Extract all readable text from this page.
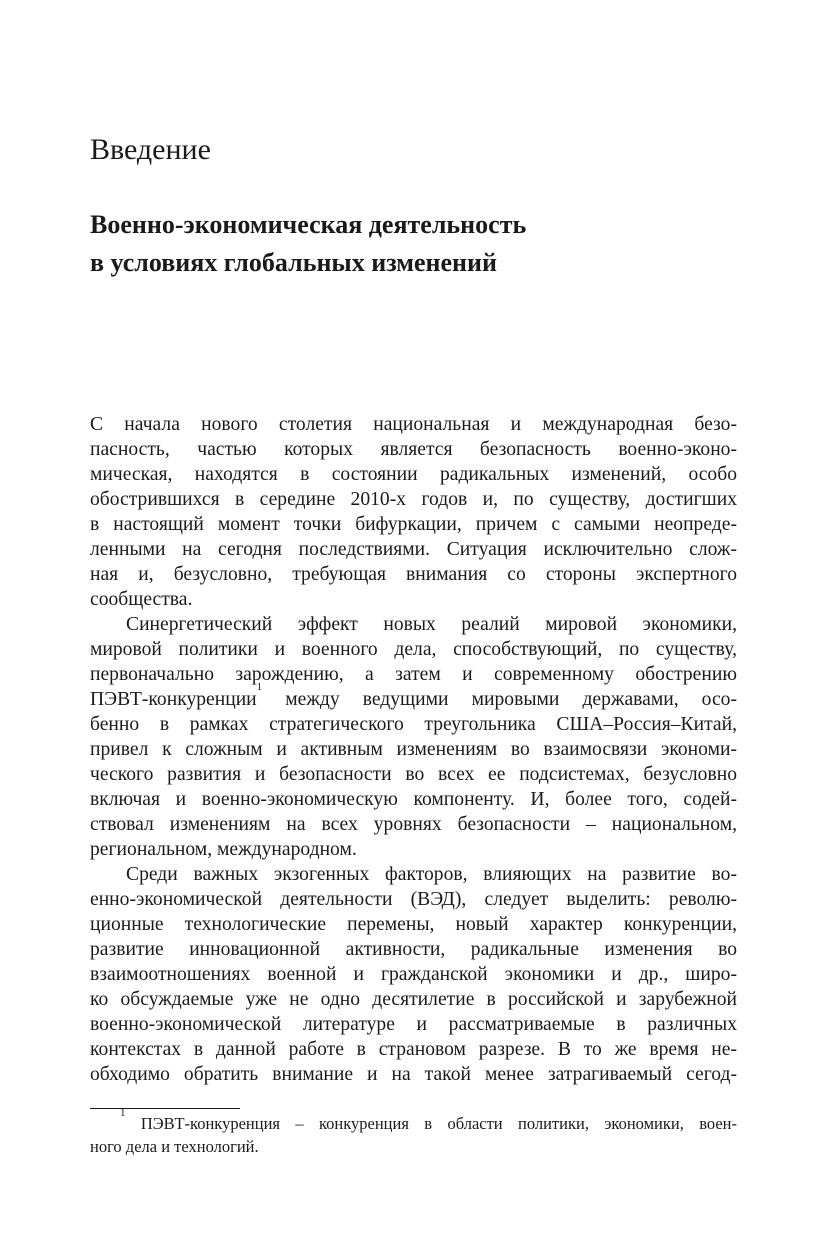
Введение
Военно-экономическая деятельность
в условиях глобальных изменений
С начала нового столетия национальная и международная безо-
пасность, частью которых является безопасность военно-эконо-
мическая, находятся в состоянии радикальных изменений, особо
обострившихся в середине 2010-х годов и, по существу, достигших
в настоящий момент точки бифуркации, причем с самыми неопреде-
ленными на сегодня последствиями. Ситуация исключительно слож-
ная и, безусловно, требующая внимания со стороны экспертного
сообщества.
Синергетический эффект новых реалий мировой экономики,
мировой политики и военного дела, способствующий, по существу,
первоначально зарождению, а затем и современному обострению
ПЭВТ-конкуренции$^1$ между ведущими мировыми державами, осо-
бенно в рамках стратегического треугольника США–Россия–Китай,
привел к сложным и активным изменениям во взаимосвязи экономи-
ческого развития и безопасности во всех ее подсистемах, безусловно
включая и военно-экономическую компоненту. И, более того, содей-
ствовал изменениям на всех уровнях безопасности – национальном,
региональном, международном.
Среди важных экзогенных факторов, влияющих на развитие во-
енно-экономической деятельности (ВЭД), следует выделить: револю-
ционные технологические перемены, новый характер конкуренции,
развитие инновационной активности, радикальные изменения во
взаимоотношениях военной и гражданской экономики и др., широ-
ко обсуждаемые уже не одно десятилетие в российской и зарубежной
военно-экономической литературе и рассматриваемые в различных
контекстах в данной работе в страновом разрезе. В то же время не-
обходимо обратить внимание и на такой менее затрагиваемый сегод-
$^1$ ПЭВТ-конкуренция – конкуренция в области политики, экономики, воен-
ного дела и технологий.
